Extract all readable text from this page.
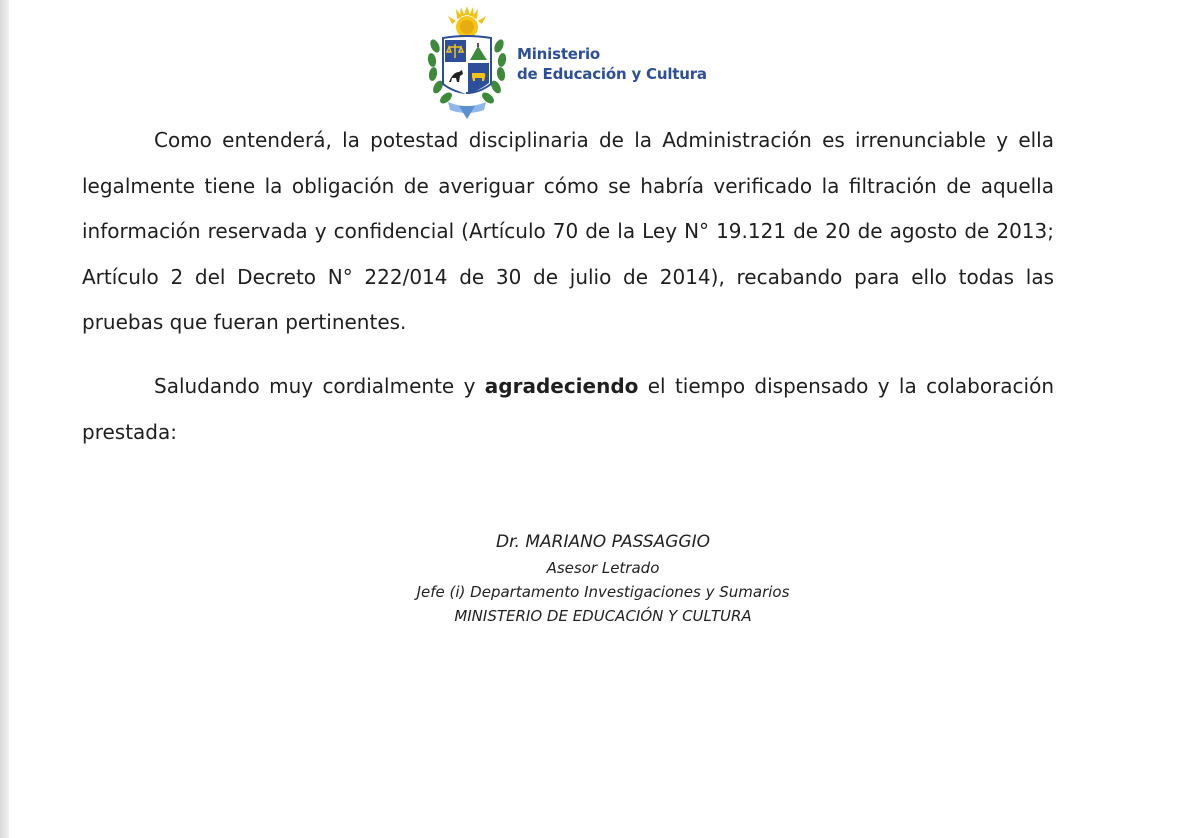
Ministerio
de Educación y Cultura

Como entenderá, la potestad disciplinaria de la Administración es irrenunciable y ella legalmente tiene la obligación de averiguar cómo se habría verificado la filtración de aquella información reservada y confidencial (Artículo 70 de la Ley N° 19.121 de 20 de agosto de 2013; Artículo 2 del Decreto N° 222/014 de 30 de julio de 2014), recabando para ello todas las pruebas que fueran pertinentes.

Saludando muy cordialmente y agradeciendo el tiempo dispensado y la colaboración prestada:

Dr. MARIANO PASSAGGIO
Asesor Letrado
Jefe (i) Departamento Investigaciones y Sumarios
MINISTERIO DE EDUCACIÓN Y CULTURA
